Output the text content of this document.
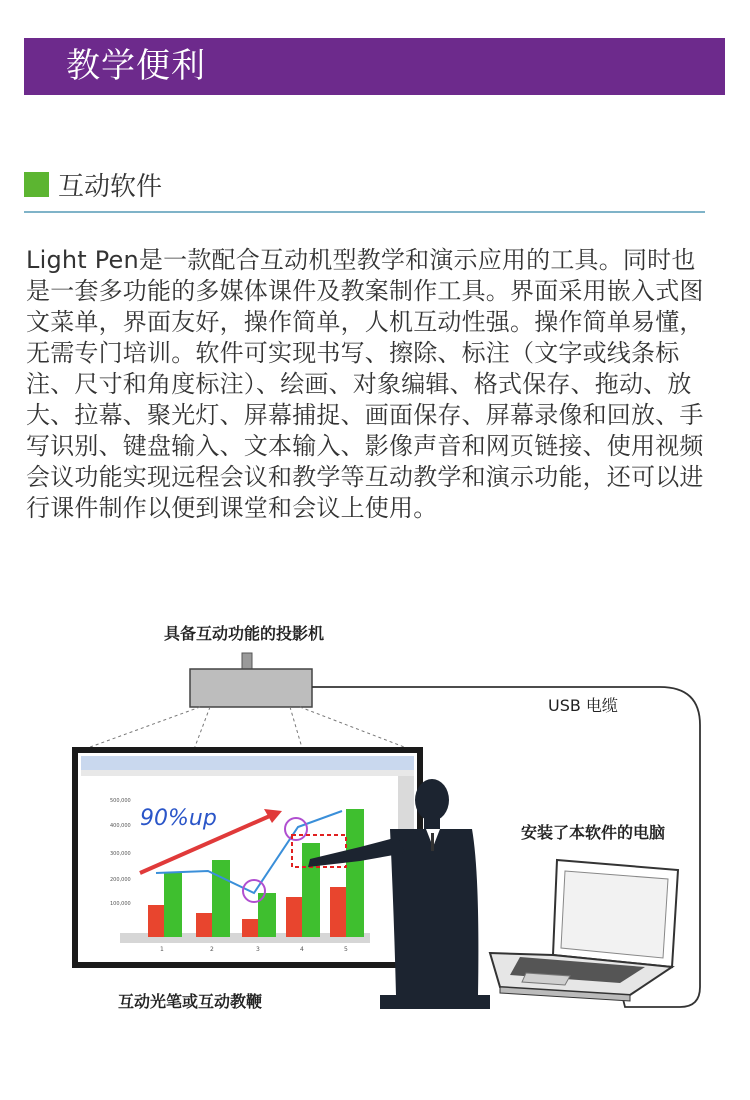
教学便利
互动软件

Light Pen是一款配合互动机型教学和演示应用的工具。同时也是一套多功能的多媒体课件及教案制作工具。界面采用嵌入式图文菜单，界面友好，操作简单，人机互动性强。操作简单易懂，无需专门培训。软件可实现书写、擦除、标注（文字或线条标注、尺寸和角度标注）、绘画、对象编辑、格式保存、拖动、放大、拉幕、聚光灯、屏幕捕捉、画面保存、屏幕录像和回放、手写识别、键盘输入、文本输入、影像声音和网页链接、使用视频会议功能实现远程会议和教学等互动教学和演示功能，还可以进行课件制作以便到课堂和会议上使用。

500,000
400,000
300,000
200,000
100,000
1	2	3	4	5
90%up
具备互动功能的投影机
USB 电缆
安装了本软件的电脑
互动光笔或互动教鞭
